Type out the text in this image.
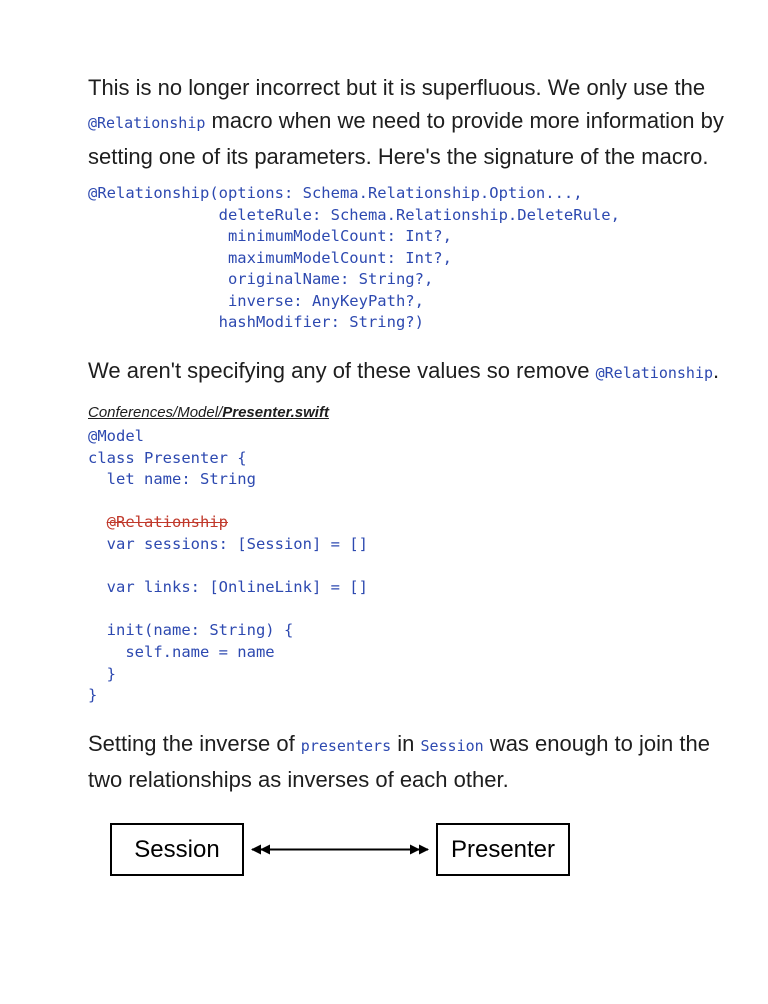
This is no longer incorrect but it is superfluous. We only use the
@Relationship macro when we need to provide more information by
setting one of its parameters. Here's the signature of the macro.
@Relationship(options: Schema.Relationship.Option...,
deleteRule: Schema.Relationship.DeleteRule,
minimumModelCount: Int?,
maximumModelCount: Int?,
originalName: String?,
inverse: AnyKeyPath?,
hashModifier: String?)
We aren't specifying any of these values so remove @Relationship.
Conferences/Model/Presenter.swift
@Model
class Presenter {
let name: String
@Relationship
var sessions: [Session] = []
var links: [OnlineLink] = []
init(name: String) {
self.name = name
}
}
Setting the inverse of presenters in Session was enough to join the
two relationships as inverses of each other.
Session	Presenter
